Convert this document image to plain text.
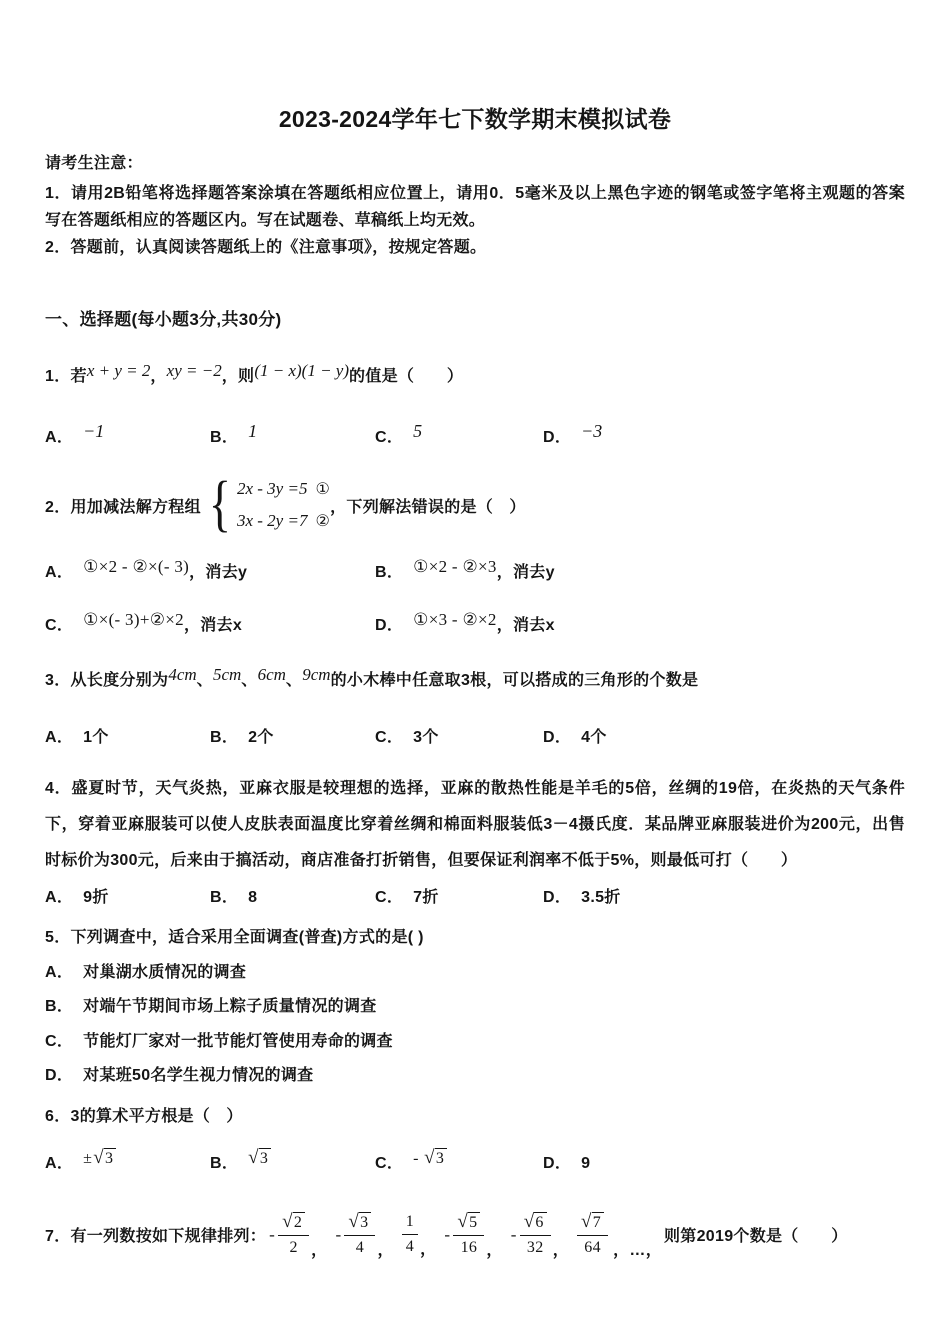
2023-2024学年七下数学期末模拟试卷

请考生注意：

1．请用2B铅笔将选择题答案涂填在答题纸相应位置上，请用0．5毫米及以上黑色字迹的钢笔或签字笔将主观题的答案写在答题纸相应的答题区内。写在试题卷、草稿纸上均无效。

2．答题前，认真阅读答题纸上的《注意事项》，按规定答题。

一、选择题(每小题3分,共30分)

1．若x + y = 2，xy = −2，则(1 − x)(1 − y)的值是（　　）

A． −1	B． 1	C． 5	D． −3
2．用加减法解方程组 { 2x - 3y =5 ①
3x - 2y =7 ②
，下列解法错误的是（　）
A． ①×2 - ②×(- 3)，消去y	B． ①×2 - ②×3，消去y
C． ①×(- 3)+②×2，消去x	D． ①×3 - ②×2，消去x

3．从长度分别为4cm、5cm、6cm、9cm的小木棒中任意取3根，可以搭成的三角形的个数是

A． 1个	B． 2个	C． 3个	D． 4个

4．盛夏时节，天气炎热，亚麻衣服是较理想的选择，亚麻的散热性能是羊毛的5倍，丝绸的19倍，在炎热的天气条件下，穿着亚麻服装可以使人皮肤表面温度比穿着丝绸和棉面料服装低3－4摄氏度．某品牌亚麻服装进价为200元，出售时标价为300元，后来由于搞活动，商店准备打折销售，但要保证利润率不低于5%，则最低可打（　　）

A． 9折	B． 8	C． 7折	D． 3.5折

5．下列调查中，适合采用全面调查(普查)方式的是( )

A． 对巢湖水质情况的调查

B． 对端午节期间市场上粽子质量情况的调查

C． 节能灯厂家对一批节能灯管使用寿命的调查

D． 对某班50名学生视力情况的调查

6．3的算术平方根是（　）

A． ± √ 3	B． √ 3	C． - √ 3	D． 9
7．有一列数按如下规律排列： - $\frac{√ 2}{2}$ ，
- $\frac{√ 3}{4}$ ， $\frac{1}{4}$ ，
- $\frac{√ 5}{16}$ ，
- $\frac{√ 6}{32}$ ， $\frac{√ 7}{64}$ ，…，
则第2019个数是（　　）
